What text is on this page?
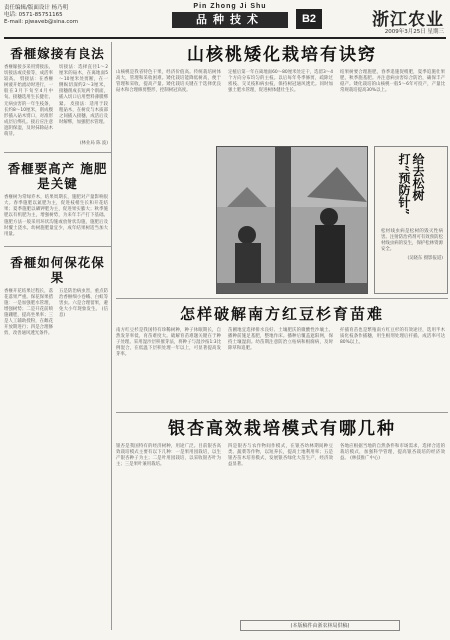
责任编辑/版面设计 杨乃明
电话: 0571-85751165
E-mail: pjwaveb@sina.com
Pin Zhong Ji Shu
品种技术	B2	浙江农业
2009年3月25日 星期三
香榧嫁接有良法
香榧嫁接多采用劈接法、切接法或皮接等，成活率较高。 劈接法：在香榧树液开始流动时进行，一般在3月下旬至4月中旬。接穗选用生长健壮、无病虫害的一年生枝条，长约8～10厘米，削成楔形插入砧木劈口，对准形成层后绑扎。接后应注意遮阴保湿，及时抹除砧木萌芽。
切接法：选择直径1～2厘米的砧木，在离地面5～10厘米处剪断，在一侧纵切深约2～3厘米。接穗削成长短两个削面，插入切口后用塑料薄膜绑紧。 皮接法：适用于较粗砧木，在树皮与木质部之间插入接穗，成活后及时解绑，加强肥水管理。
(林业局 陈 波)
香榧要高产 施肥是关键
香榧树为常绿乔木，结果周期长，施肥对产量影响很大。春季施肥以氮肥为主，促进枝梢生长和开花结果；夏季施肥以磷钾肥为主，促进果实膨大；秋季施肥以有机肥为主，增强树势，为来年丰产打下基础。施肥方法一般采用环状沟施或放射状沟施，施肥后及时覆土浇水。幼树施肥量宜少，成年结果树适当加大用量。
香榧如何保花保果
香榧开花结果过程长，落花落果严重。保花保果措施：一是加强肥水管理，增强树势；二是开花前喷施硼肥，提高坐果率；三是人工辅助授粉，在雌花开放期进行；四是合理修剪，改善通风透光条件。
五是防治病虫害，重点防治香榧细小卷蛾、白蚁等害虫。六是合理留果，避免大小年现象发生。 (信息)
山核桃矮化栽培有诀窍
山核桃是我省特色干果，经济价值高。传统栽培树体高大，管理和采收困难。矮化栽培能降低树高，便于管理和采收，提高产量。矮化栽培关键在于选择优良砧木和合理修剪整形，控制树冠高度。
定植后第一年在离地面60～80厘米处定干，选留3～4个方向分布均匀的主枝。以后每年冬季修剪，疏除过密枝、交叉枝和病虫枝，保持树冠通风透光。同时加强土肥水管理，促进树体健壮生长。
结果树要合理施肥，春季追施促梢肥，夏季追施壮果肥，秋季施基肥。并注意病虫害综合防治，确保丰产稳产。矮化栽培的山核桃一般5～6年可投产，产量比常规栽培提高30%以上。
给去松树打“预防针”
松材线虫病是松树的毁灭性病害。注射防治药剂可有效预防松材线虫病的发生，保护松林资源安全。
(吴晓东 摄影报道)
怎样破解南方红豆杉育苗难
南方红豆杉是我国特有珍稀树种，种子休眠期长，自然发芽率低，育苗难度大。破解育苗难题关键在于种子处理。采用湿沙层积催芽法，将种子与湿沙按1:3比例混合，在低温下层积处理一年以上，可显著提高发芽率。
苗圃地宜选择排水良好、土壤肥沃的微酸性沙壤土。播种前施足基肥，整地作床。播种后覆盖遮阳网，保持土壤湿润。幼苗期注意防治立枯病和根腐病，及时除草和追肥。
扦插育苗也是繁殖南方红豆杉的有效途径，选用半木质化枝条作插穗，用生根剂处理后扦插，成活率可达80%以上。
银杏高效栽培模式有哪几种
银杏是我国特有的经济树种，用途广泛。目前银杏高效栽培模式主要有以下几种：一是果用园栽培，以生产银杏种子为主；二是叶用园栽培，以采收银杏叶为主；三是果叶兼用栽培。
四是银杏与农作物间作模式，在银杏幼林期间种豆类、蔬菜等作物，以短养长，提高土地利用率；五是银杏苗木培育模式，发展银杏绿化大苗生产，经济效益显著。
各地应根据当地的自然条件和市场需求，选择合适的栽培模式，加强科学管理，提高银杏栽培的经济效益。 (林技推广中心)
(本版稿件由浙农林局供稿)
